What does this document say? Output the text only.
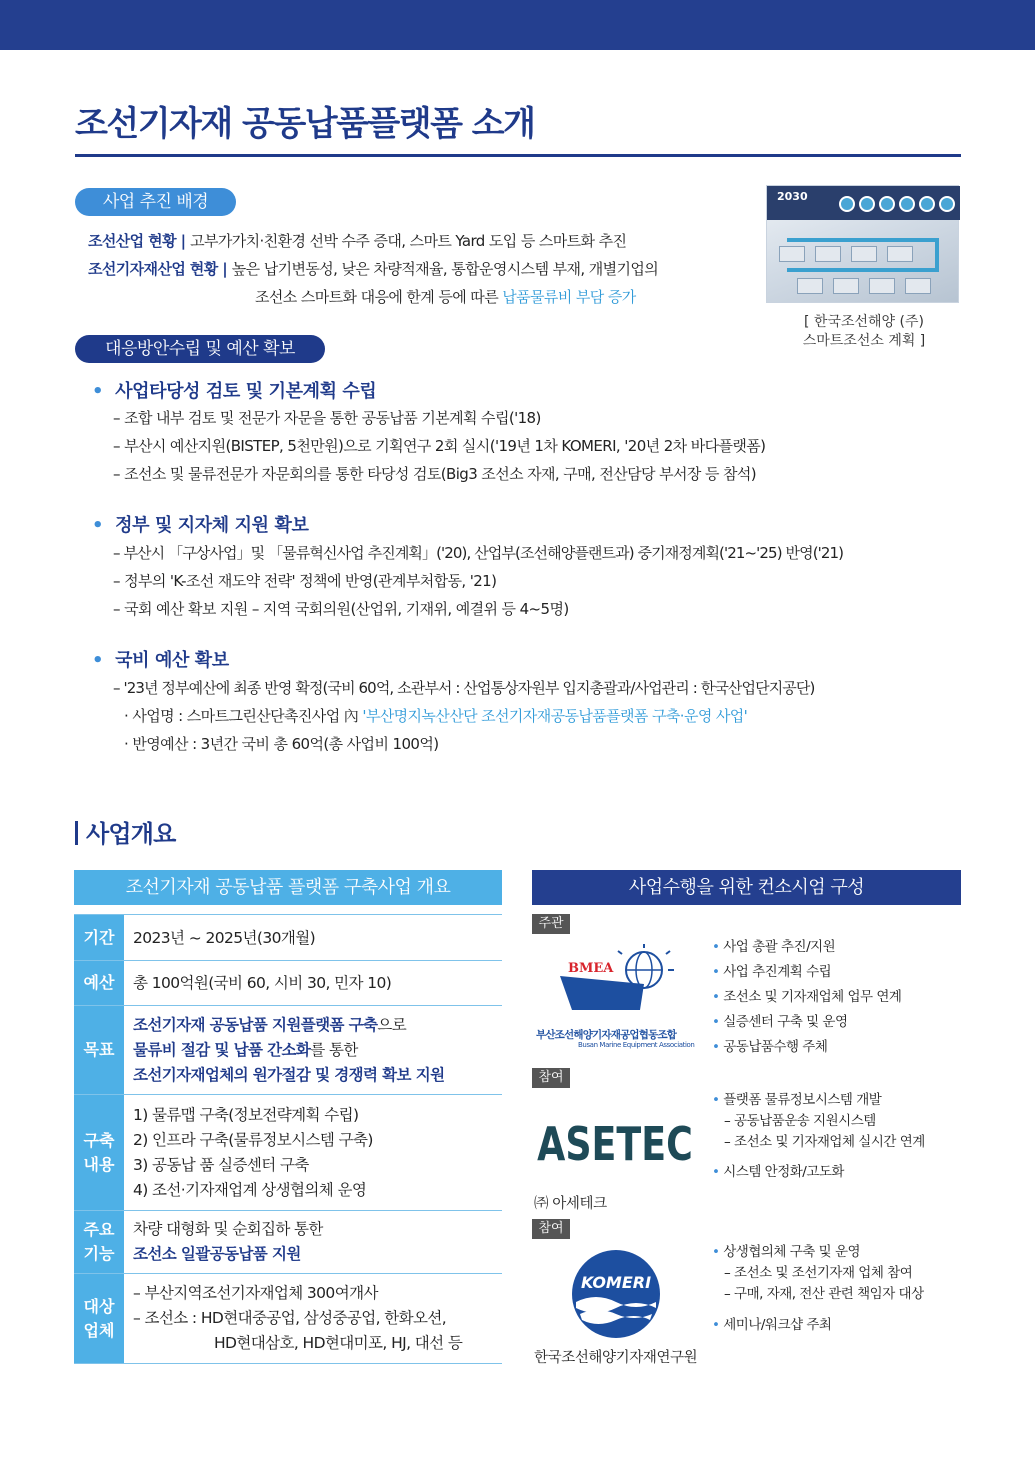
조선기자재 공동납품플랫폼 소개
사업 추진 배경
조선산업 현황 | 고부가가치·친환경 선박 수주 증대, 스마트 Yard 도입 등 스마트화 추진
조선기자재산업 현황 | 높은 납기변동성, 낮은 차량적재율, 통합운영시스템 부재, 개별기업의
조선소 스마트화 대응에 한계 등에 따른 납품물류비 부담 증가
2030
[ 한국조선해양 (주)
스마트조선소 계획 ]
대응방안수립 및 예산 확보
• 사업타당성 검토 및 기본계획 수립
– 조합 내부 검토 및 전문가 자문을 통한 공동납품 기본계획 수립('18)
– 부산시 예산지원(BISTEP, 5천만원)으로 기획연구 2회 실시('19년 1차 KOMERI, '20년 2차 바다플랫폼)
– 조선소 및 물류전문가 자문회의를 통한 타당성 검토(Big3 조선소 자재, 구매, 전산담당 부서장 등 참석)
• 정부 및 지자체 지원 확보
– 부산시 「구상사업」및 「물류혁신사업 추진계획」('20), 산업부(조선해양플랜트과) 중기재정계획('21~'25) 반영('21)
– 정부의 'K-조선 재도약 전략' 정책에 반영(관계부처합동, '21)
– 국회 예산 확보 지원 – 지역 국회의원(산업위, 기재위, 예결위 등 4~5명)
• 국비 예산 확보
– '23년 정부예산에 최종 반영 확정(국비 60억, 소관부서 : 산업통상자원부 입지총괄과/사업관리 : 한국산업단지공단)
· 사업명 : 스마트그린산단촉진사업 內 '부산명지녹산산단 조선기자재공동납품플랫폼 구축·운영 사업'
· 반영예산 : 3년간 국비 총 60억(총 사업비 100억)
사업개요
조선기자재 공동납품 플랫폼 구축사업 개요
기간	2023년 ~ 2025년(30개월)
예산	총 100억원(국비 60, 시비 30, 민자 10)
목표
조선기자재 공동납품 지원플랫폼 구축으로
물류비 절감 및 납품 간소화를 통한
조선기자재업체의 원가절감 및 경쟁력 확보 지원
구축
내용
1) 물류맵 구축(정보전략계획 수립)
2) 인프라 구축(물류정보시스템 구축)
3) 공동납 품 실증센터 구축
4) 조선·기자재업계 상생협의체 운영
주요
기능
차량 대형화 및 순회집하 통한
조선소 일괄공동납품 지원
대상
업체
– 부산지역조선기자재업체 300여개사
– 조선소 : HD현대중공업, 삼성중공업, 한화오션,
HD현대삼호, HD현대미포, HJ, 대선 등
사업수행을 위한 컨소시엄 구성
주관
BMEA
부산조선해양기자재공업협동조합
Busan Marine Equipment Association
• 사업 총괄 추진/지원
• 사업 추진계획 수립
• 조선소 및 기자재업체 업무 연계
• 실증센터 구축 및 운영
• 공동납품수행 주체
참여
ASETEC
㈜ 아세테크
• 플랫폼 물류정보시스템 개발
– 공동납품운송 지원시스템
– 조선소 및 기자재업체 실시간 연계
• 시스템 안정화/고도화
참여
KOMERI
한국조선해양기자재연구원
• 상생협의체 구축 및 운영
– 조선소 및 조선기자재 업체 참여
– 구매, 자재, 전산 관련 책임자 대상
• 세미나/워크샵 주최
